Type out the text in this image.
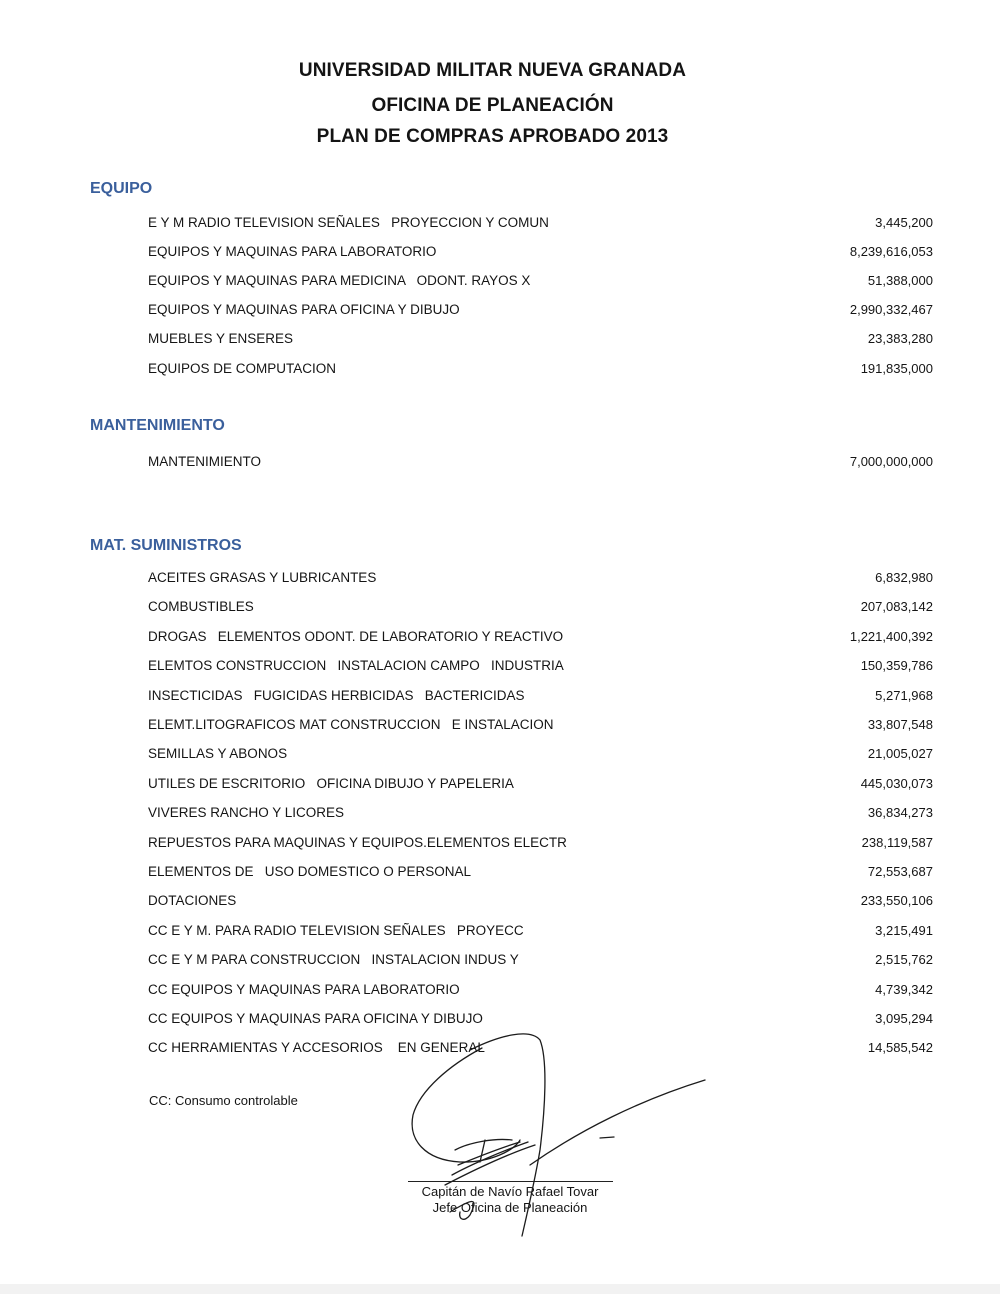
UNIVERSIDAD MILITAR NUEVA GRANADA
OFICINA DE PLANEACIÓN
PLAN DE COMPRAS APROBADO 2013
EQUIPO
E Y M RADIO TELEVISION SEÑALES   PROYECCION Y COMUN	3,445,200
EQUIPOS Y MAQUINAS PARA LABORATORIO	8,239,616,053
EQUIPOS Y MAQUINAS PARA MEDICINA   ODONT. RAYOS X	51,388,000
EQUIPOS Y MAQUINAS PARA OFICINA Y DIBUJO	2,990,332,467
MUEBLES Y ENSERES	23,383,280
EQUIPOS DE COMPUTACION	191,835,000
MANTENIMIENTO
MANTENIMIENTO	7,000,000,000
MAT. SUMINISTROS
ACEITES GRASAS Y LUBRICANTES	6,832,980
COMBUSTIBLES	207,083,142
DROGAS   ELEMENTOS ODONT. DE LABORATORIO Y REACTIVO	1,221,400,392
ELEMTOS CONSTRUCCION   INSTALACION CAMPO   INDUSTRIA	150,359,786
INSECTICIDAS   FUGICIDAS HERBICIDAS   BACTERICIDAS	5,271,968
ELEMT.LITOGRAFICOS MAT CONSTRUCCION   E INSTALACION	33,807,548
SEMILLAS Y ABONOS	21,005,027
UTILES DE ESCRITORIO   OFICINA DIBUJO Y PAPELERIA	445,030,073
VIVERES RANCHO Y LICORES	36,834,273
REPUESTOS PARA MAQUINAS Y EQUIPOS.ELEMENTOS ELECTR	238,119,587
ELEMENTOS DE   USO DOMESTICO O PERSONAL	72,553,687
DOTACIONES	233,550,106
CC E Y M. PARA RADIO TELEVISION SEÑALES   PROYECC	3,215,491
CC E Y M PARA CONSTRUCCION   INSTALACION INDUS Y	2,515,762
CC EQUIPOS Y MAQUINAS PARA LABORATORIO	4,739,342
CC EQUIPOS Y MAQUINAS PARA OFICINA Y DIBUJO	3,095,294
CC HERRAMIENTAS Y ACCESORIOS    EN GENERAL	14,585,542
CC: Consumo controlable
Capitán de Navío Rafael Tovar
Jefe Oficina de Planeación
